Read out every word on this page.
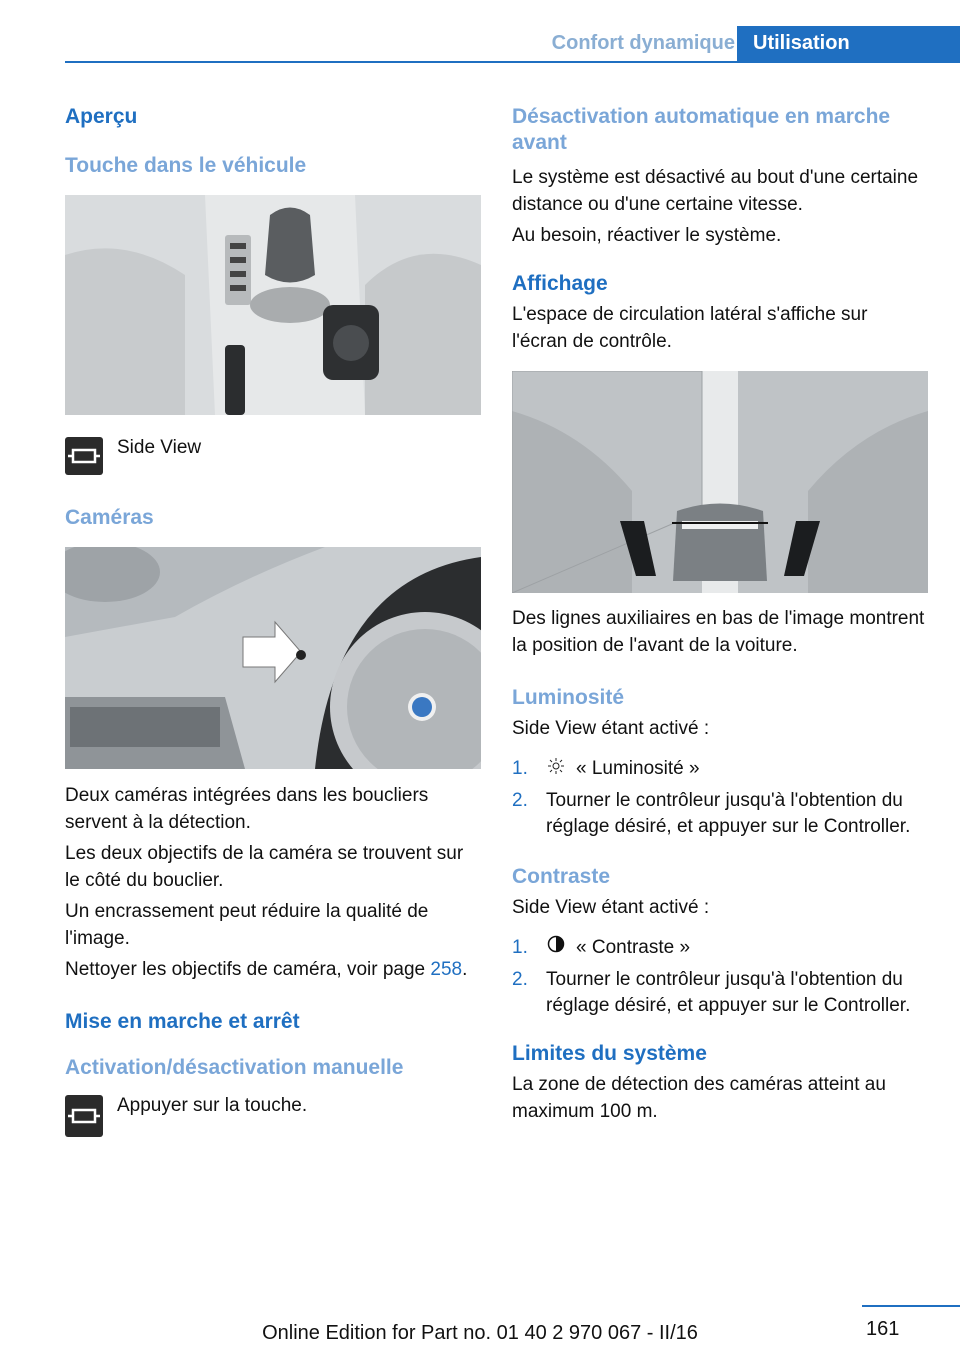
Confort dynamique Utilisation
Aperçu
Touche dans le véhicule

Side View

Caméras

Deux caméras intégrées dans les boucliers servent à la détection.

Les deux objectifs de la caméra se trouvent sur le côté du bouclier.

Un encrassement peut réduire la qualité de l'image.

Nettoyer les objectifs de caméra, voir page 258.

Mise en marche et arrêt
Activation/désactivation manuelle

Appuyer sur la touche.

Désactivation automatique en marche avant

Le système est désactivé au bout d'une certaine distance ou d'une certaine vitesse.

Au besoin, réactiver le système.

Affichage

L'espace de circulation latéral s'affiche sur l'écran de contrôle.

Des lignes auxiliaires en bas de l'image montrent la position de l'avant de la voiture.

Luminosité

Side View étant activé :

1.	« Luminosité »
2. Tourner le contrôleur jusqu'à l'obtention du réglage désiré, et appuyer sur le Controller.
Contraste

Side View étant activé :

1.	« Contraste »
2. Tourner le contrôleur jusqu'à l'obtention du réglage désiré, et appuyer sur le Controller.
Limites du système

La zone de détection des caméras atteint au maximum 100 m.

161
Online Edition for Part no. 01 40 2 970 067 - II/16
